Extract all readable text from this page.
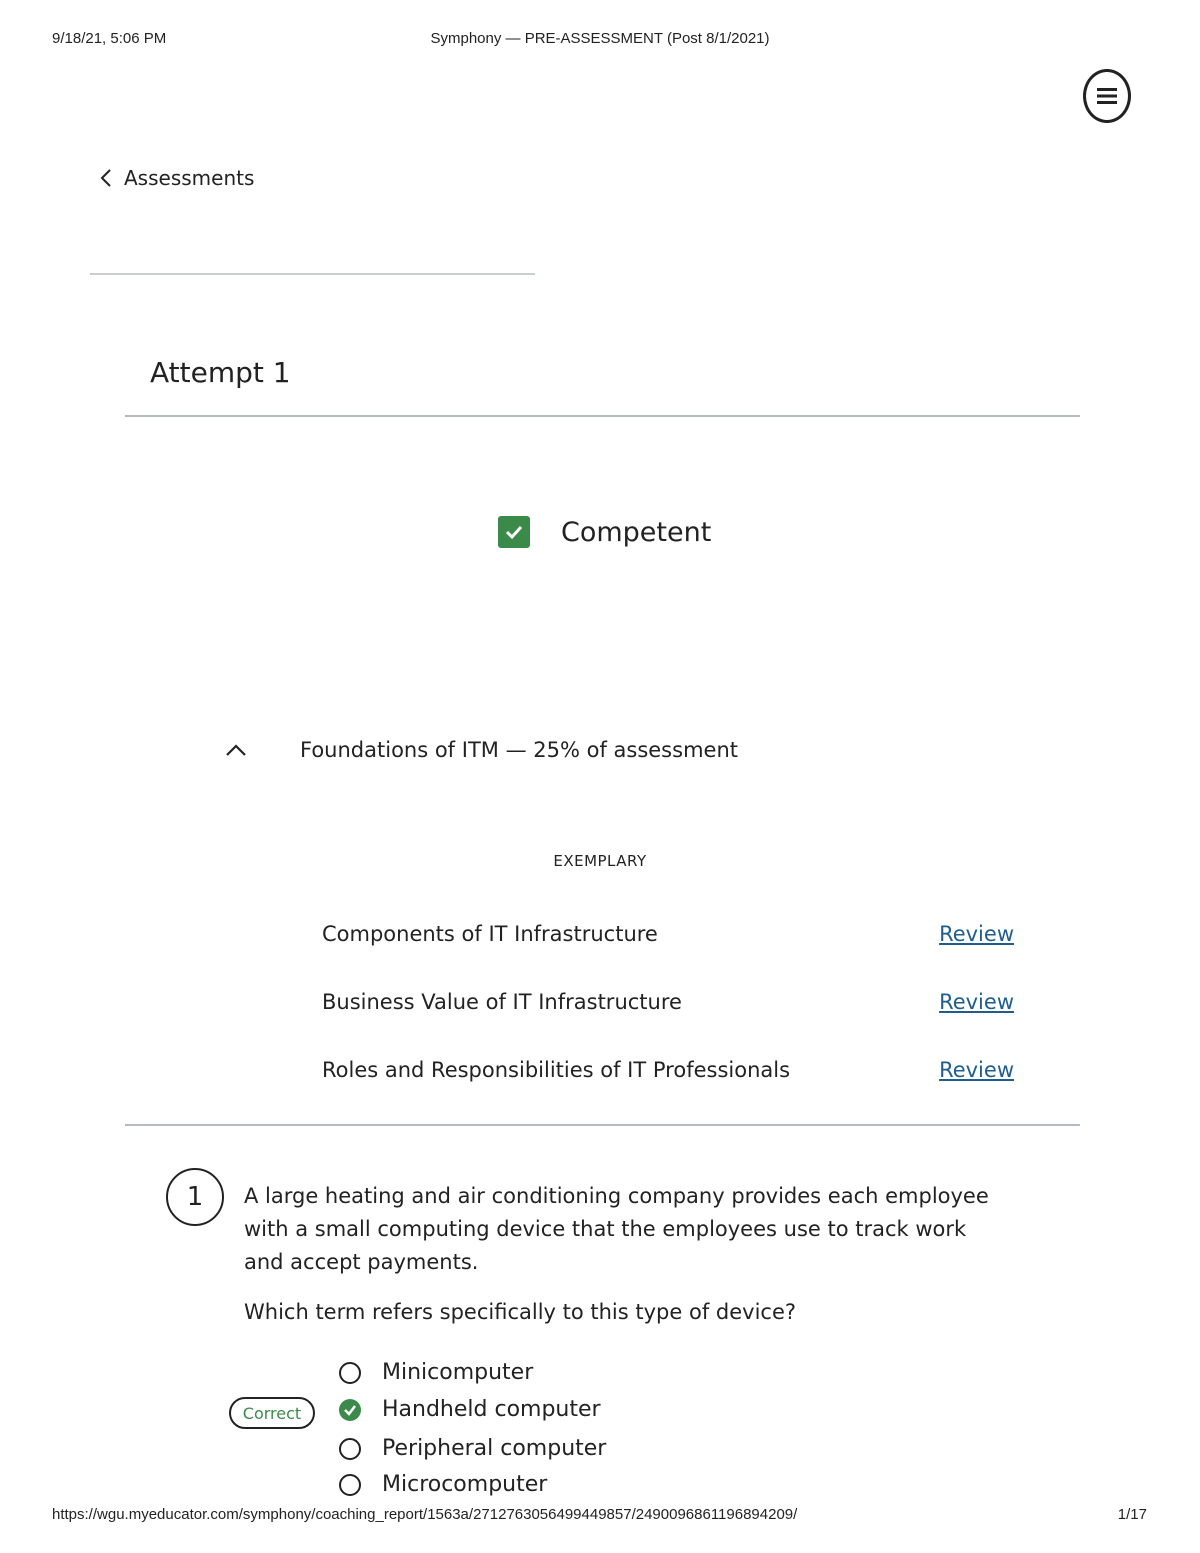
9/18/21, 5:06 PM	Symphony — PRE-ASSESSMENT (Post 8/1/2021)
Assessments
Attempt 1
Competent
Foundations of ITM — 25% of assessment
EXEMPLARY
Components of IT Infrastructure	Review
Business Value of IT Infrastructure	Review
Roles and Responsibilities of IT Professionals	Review
1	A large heating and air conditioning company provides each employee with a small computing device that the employees use to track work and accept payments.

Which term refers specifically to this type of device?

Correct
Minicomputer
Handheld computer
Peripheral computer
Microcomputer
https://wgu.myeducator.com/symphony/coaching_report/1563a/2712763056499449857/2490096861196894209/	1/17
